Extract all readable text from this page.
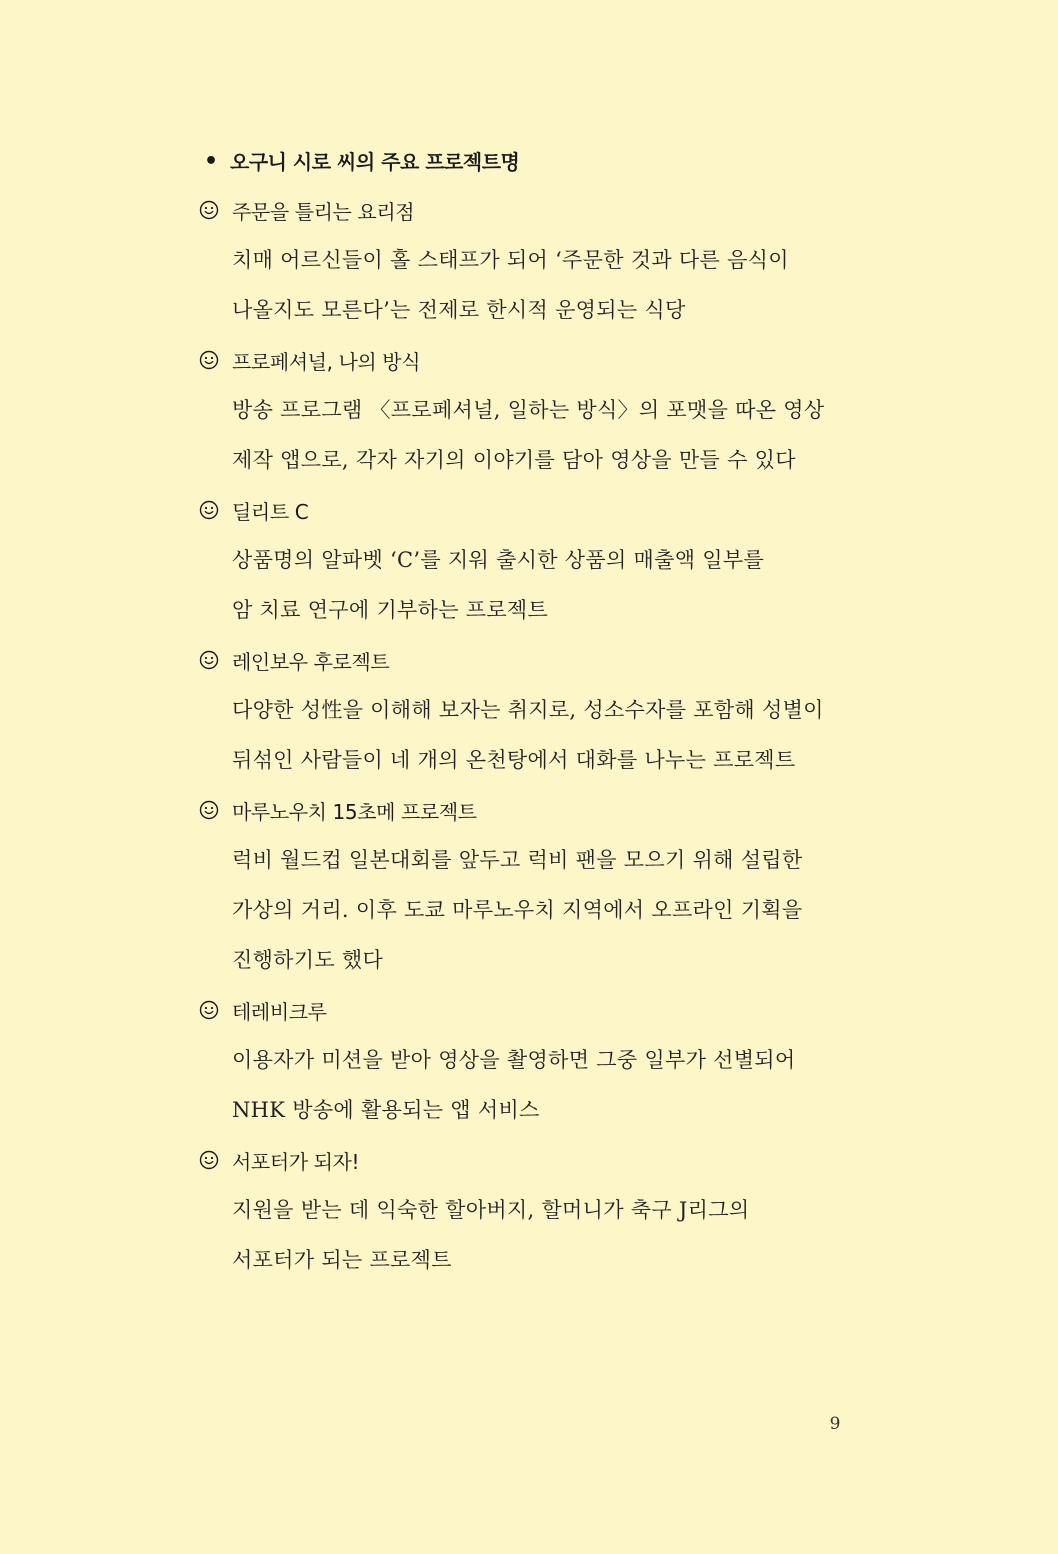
• 오구니 시로 씨의 주요 프로젝트명
주문을 틀리는 요리점
치매 어르신들이 홀 스태프가 되어 ‘주문한 것과 다른 음식이
나올지도 모른다’는 전제로 한시적 운영되는 식당
프로페셔널, 나의 방식
방송 프로그램 〈프로페셔널, 일하는 방식〉의 포맷을 따온 영상
제작 앱으로, 각자 자기의 이야기를 담아 영상을 만들 수 있다
딜리트 C
상품명의 알파벳 ‘C’를 지워 출시한 상품의 매출액 일부를
암 치료 연구에 기부하는 프로젝트
레인보우 후로젝트
다양한 성性을 이해해 보자는 취지로, 성소수자를 포함해 성별이
뒤섞인 사람들이 네 개의 온천탕에서 대화를 나누는 프로젝트
마루노우치 15초메 프로젝트
럭비 월드컵 일본대회를 앞두고 럭비 팬을 모으기 위해 설립한
가상의 거리. 이후 도쿄 마루노우치 지역에서 오프라인 기획을
진행하기도 했다
테레비크루
이용자가 미션을 받아 영상을 촬영하면 그중 일부가 선별되어
NHK 방송에 활용되는 앱 서비스
서포터가 되자!
지원을 받는 데 익숙한 할아버지, 할머니가 축구 J리그의
서포터가 되는 프로젝트
9
